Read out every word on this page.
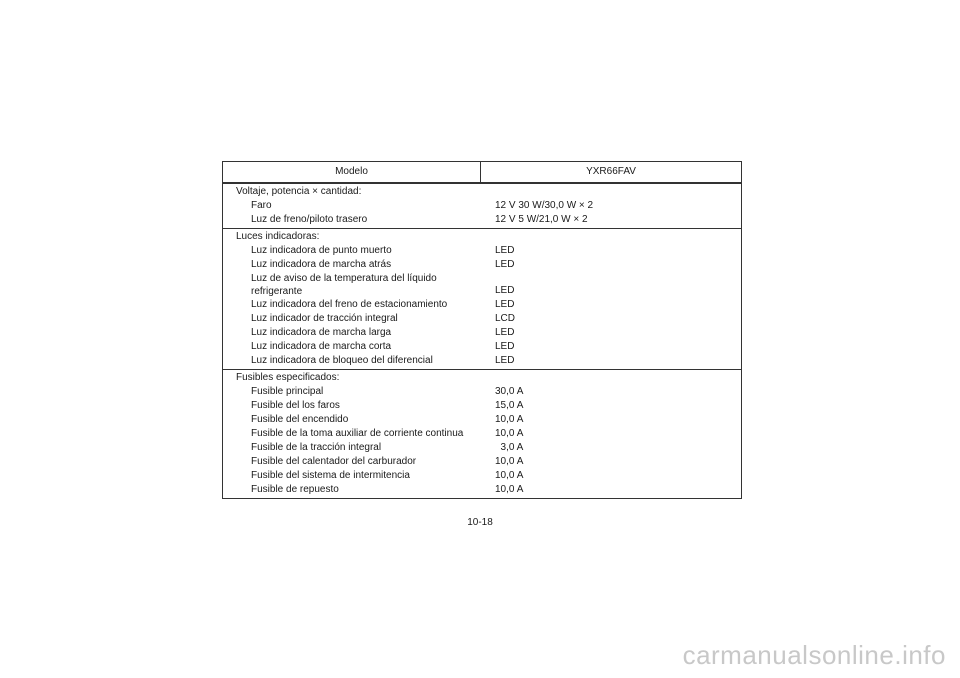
Modelo	YXR66FAV
Voltaje, potencia × cantidad:
Faro	12 V 30 W/30,0 W × 2
Luz de freno/piloto trasero	12 V 5 W/21,0 W × 2
Luces indicadoras:
Luz indicadora de punto muerto	LED
Luz indicadora de marcha atrás	LED
Luz de aviso de la temperatura del líquido refrigerante	LED
Luz indicadora del freno de estacionamiento	LED
Luz indicador de tracción integral	LCD
Luz indicadora de marcha larga	LED
Luz indicadora de marcha corta	LED
Luz indicadora de bloqueo del diferencial	LED
Fusibles especificados:
Fusible principal	30,0 A
Fusible del los faros	15,0 A
Fusible del encendido	10,0 A
Fusible de la toma auxiliar de corriente continua	10,0 A
Fusible de la tracción integral	3,0 A
Fusible del calentador del carburador	10,0 A
Fusible del sistema de intermitencia	10,0 A
Fusible de repuesto	10,0 A
10-18
carmanualsonline.info
